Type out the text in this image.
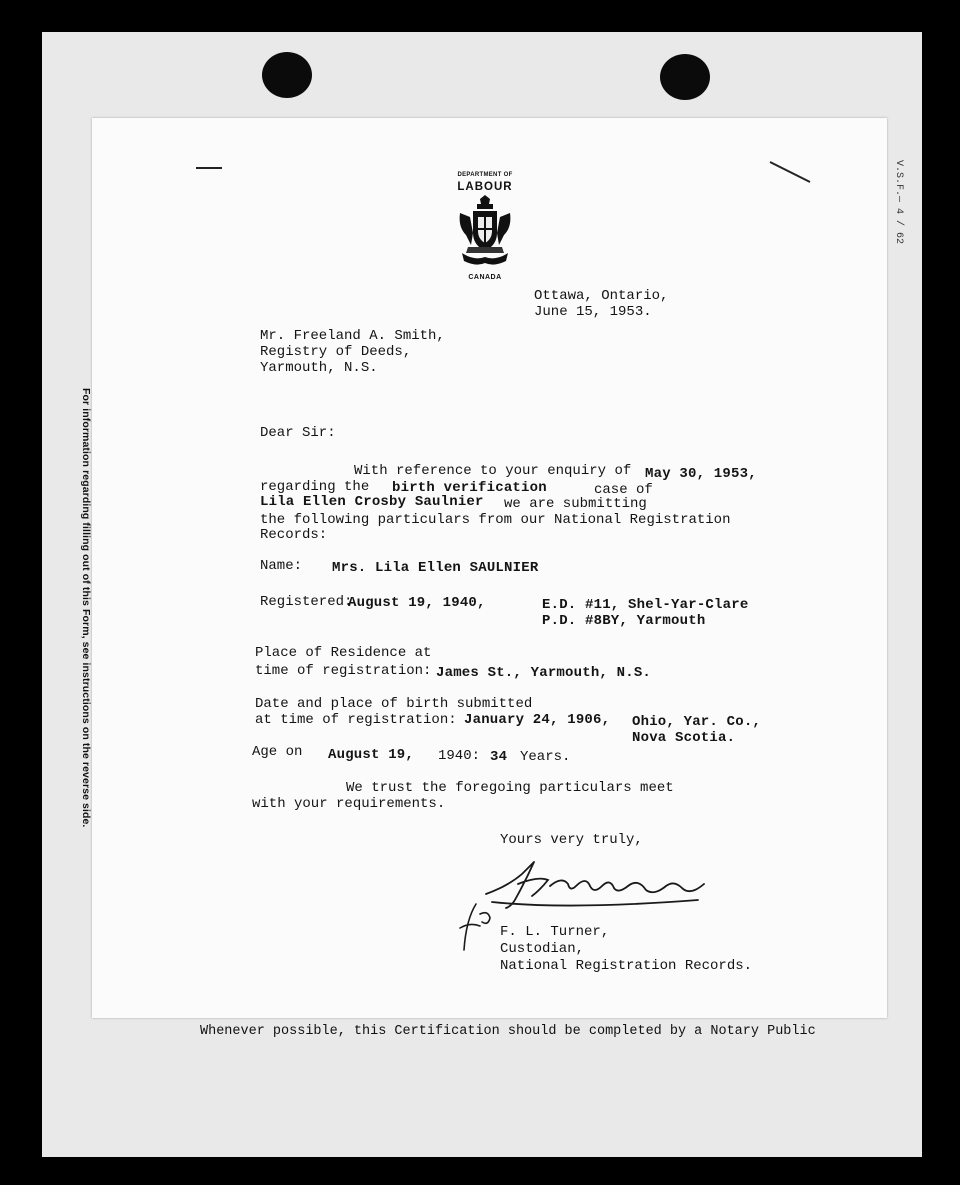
For information regarding filling out of this Form, see instructions on the reverse side.
V.S.F.— 4 / 62
Whenever possible, this Certification should be completed by a Notary Public
DEPARTMENT OF
LABOUR
CANADA
Ottawa, Ontario,
June 15, 1953.
Mr. Freeland A. Smith,
Registry of Deeds,
Yarmouth, N.S.
Dear Sir:
With reference to your enquiry of May 30, 1953,
regarding the birth verification	case of
Lila Ellen Crosby Saulnier we are submitting
the following particulars from our National Registration
Records:
Name: Mrs. Lila Ellen SAULNIER
Registered:
August 19, 1940,	E.D. #11, Shel-Yar-Clare
P.D. #8BY, Yarmouth
Place of Residence at
time of registration: James St., Yarmouth, N.S.
Date and place of birth submitted
at time of registration: January 24, 1906, Ohio, Yar. Co.,
Nova Scotia.
Age on August 19, 1940: 34 Years.
We trust the foregoing particulars meet
with your requirements.
Yours very truly,
F. L. Turner,
Custodian,
National Registration Records.
